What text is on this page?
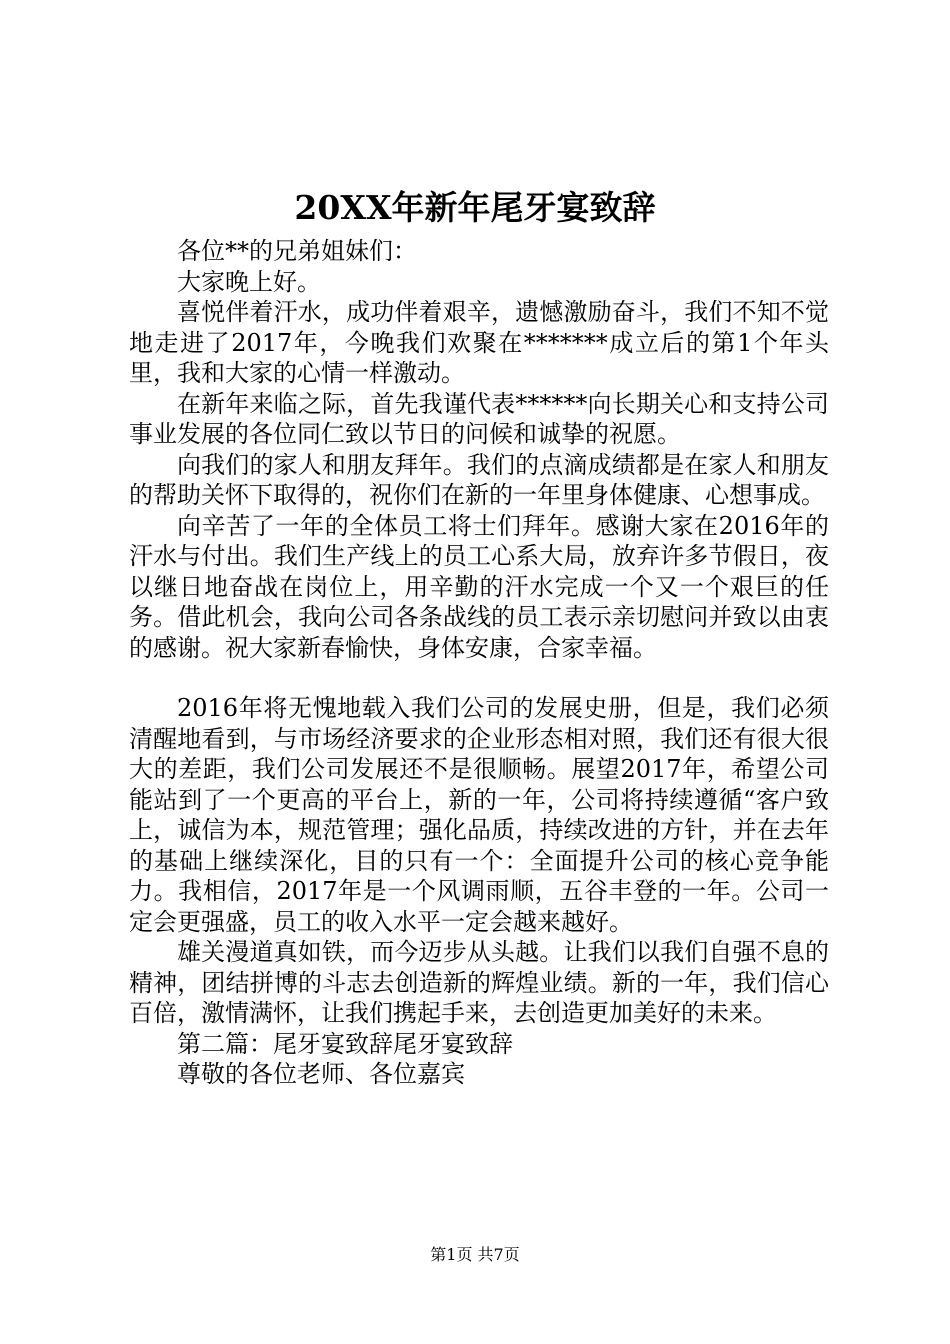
20XX年新年尾牙宴致辞

各位**的兄弟姐妹们：

大家晚上好。

喜悦伴着汗水，成功伴着艰辛，遗憾激励奋斗，我们不知不觉地走进了2017年，今晚我们欢聚在*******成立后的第1个年头里，我和大家的心情一样激动。

在新年来临之际，首先我谨代表******向长期关心和支持公司事业发展的各位同仁致以节日的问候和诚挚的祝愿。

向我们的家人和朋友拜年。我们的点滴成绩都是在家人和朋友的帮助关怀下取得的，祝你们在新的一年里身体健康、心想事成。

向辛苦了一年的全体员工将士们拜年。感谢大家在2016年的汗水与付出。我们生产线上的员工心系大局，放弃许多节假日，夜以继日地奋战在岗位上，用辛勤的汗水完成一个又一个艰巨的任务。借此机会，我向公司各条战线的员工表示亲切慰问并致以由衷的感谢。祝大家新春愉快，身体安康，合家幸福。

2016年将无愧地载入我们公司的发展史册，但是，我们必须清醒地看到，与市场经济要求的企业形态相对照，我们还有很大很大的差距，我们公司发展还不是很顺畅。展望2017年，希望公司能站到了一个更高的平台上，新的一年，公司将持续遵循“客户致上，诚信为本，规范管理；强化品质，持续改进的方针，并在去年的基础上继续深化，目的只有一个：全面提升公司的核心竞争能力。我相信，2017年是一个风调雨顺，五谷丰登的一年。公司一定会更强盛，员工的收入水平一定会越来越好。

雄关漫道真如铁，而今迈步从头越。让我们以我们自强不息的精神，团结拼博的斗志去创造新的辉煌业绩。新的一年，我们信心百倍，激情满怀，让我们携起手来，去创造更加美好的未来。

第二篇：尾牙宴致辞尾牙宴致辞

尊敬的各位老师、各位嘉宾

第1页 共7页
